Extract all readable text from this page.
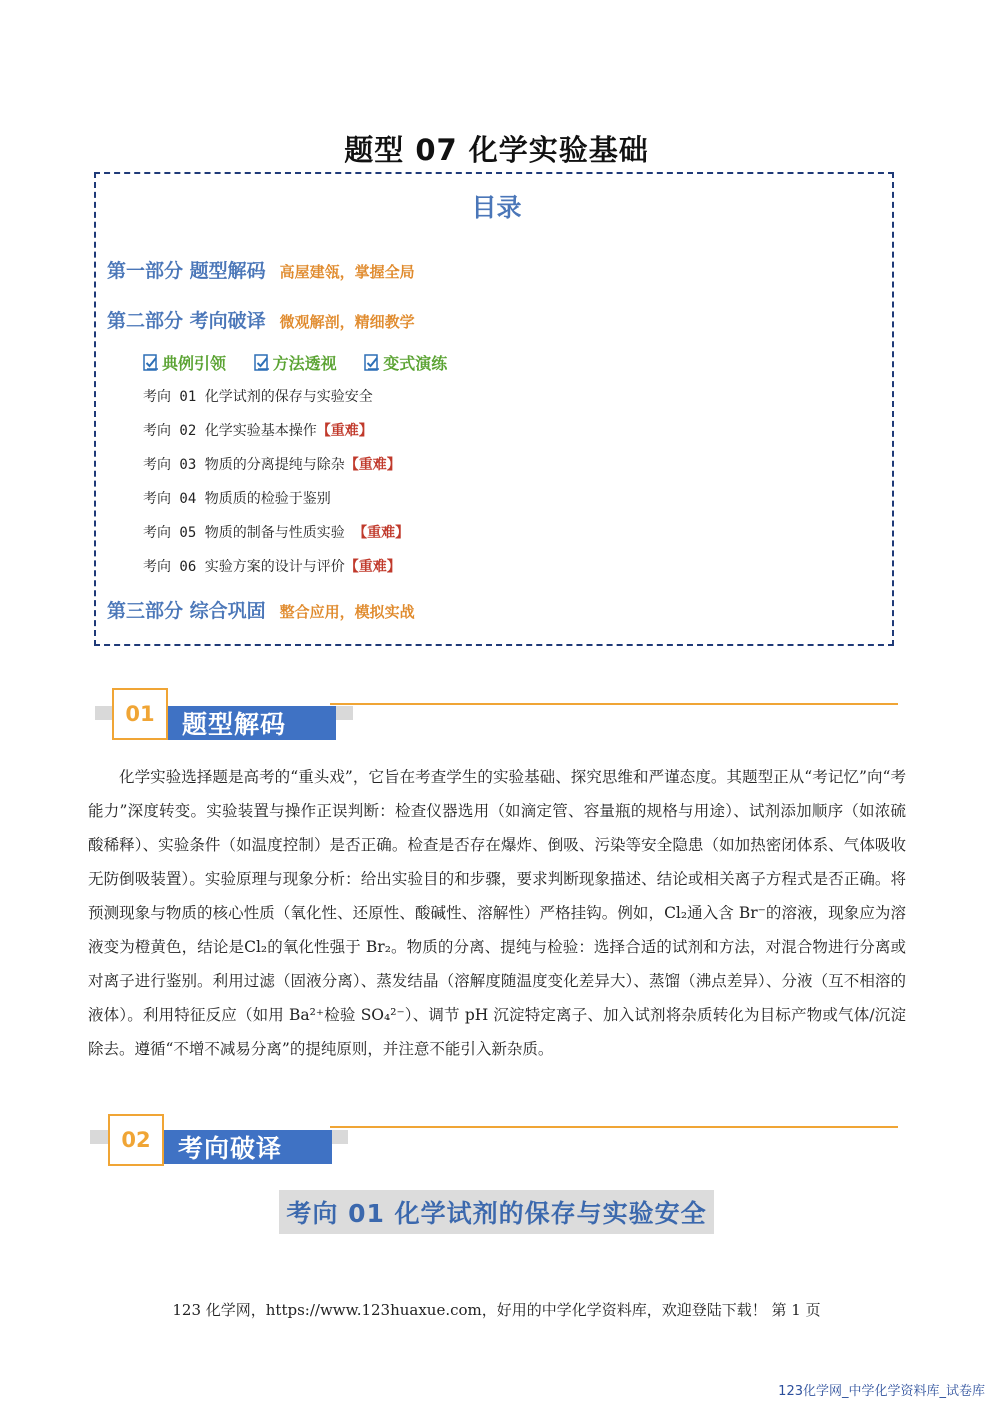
题型 07 化学实验基础
目录
第一部分 题型解码 高屋建瓴，掌握全局
第二部分 考向破译 微观解剖，精细教学
典例引领
	方法透视
	变式演练
考向 01 化学试剂的保存与实验安全
考向 02 化学实验基本操作【重难】
考向 03 物质的分离提纯与除杂【重难】
考向 04 物质质的检验于鉴别
考向 05 物质的制备与性质实验 【重难】
考向 06 实验方案的设计与评价【重难】
第三部分 综合巩固 整合应用，模拟实战
题型解码
01
化学实验选择题是高考的“重头戏”，它旨在考查学生的实验基础、探究思维和严谨态度。其题型正从“考记忆”向“考能力”深度转变。实验装置与操作正误判断：检查仪器选用（如滴定管、容量瓶的规格与用途）、试剂添加顺序（如浓硫酸稀释）、实验条件（如温度控制）是否正确。检查是否存在爆炸、倒吸、污染等安全隐患（如加热密闭体系、气体吸收无防倒吸装置）。实验原理与现象分析：给出实验目的和步骤，要求判断现象描述、结论或相关离子方程式是否正确。将预测现象与物质的核心性质（氧化性、还原性、酸碱性、溶解性）严格挂钩。例如，Cl₂通入含 Br⁻的溶液，现象应为溶液变为橙黄色，结论是Cl₂的氧化性强于 Br₂。物质的分离、提纯与检验：选择合适的试剂和方法，对混合物进行分离或对离子进行鉴别。利用过滤（固液分离）、蒸发结晶（溶解度随温度变化差异大）、蒸馏（沸点差异）、分液（互不相溶的液体）。利用特征反应（如用 Ba²⁺检验 SO₄²⁻）、调节 pH 沉淀特定离子、加入试剂将杂质转化为目标产物或气体/沉淀除去。遵循“不增不减易分离”的提纯原则，并注意不能引入新杂质。
考向破译
02
考向 01 化学试剂的保存与实验安全
123 化学网，https://www.123huaxue.com，好用的中学化学资料库，欢迎登陆下载！ 第 1 页
123化学网_中学化学资料库_试卷库
